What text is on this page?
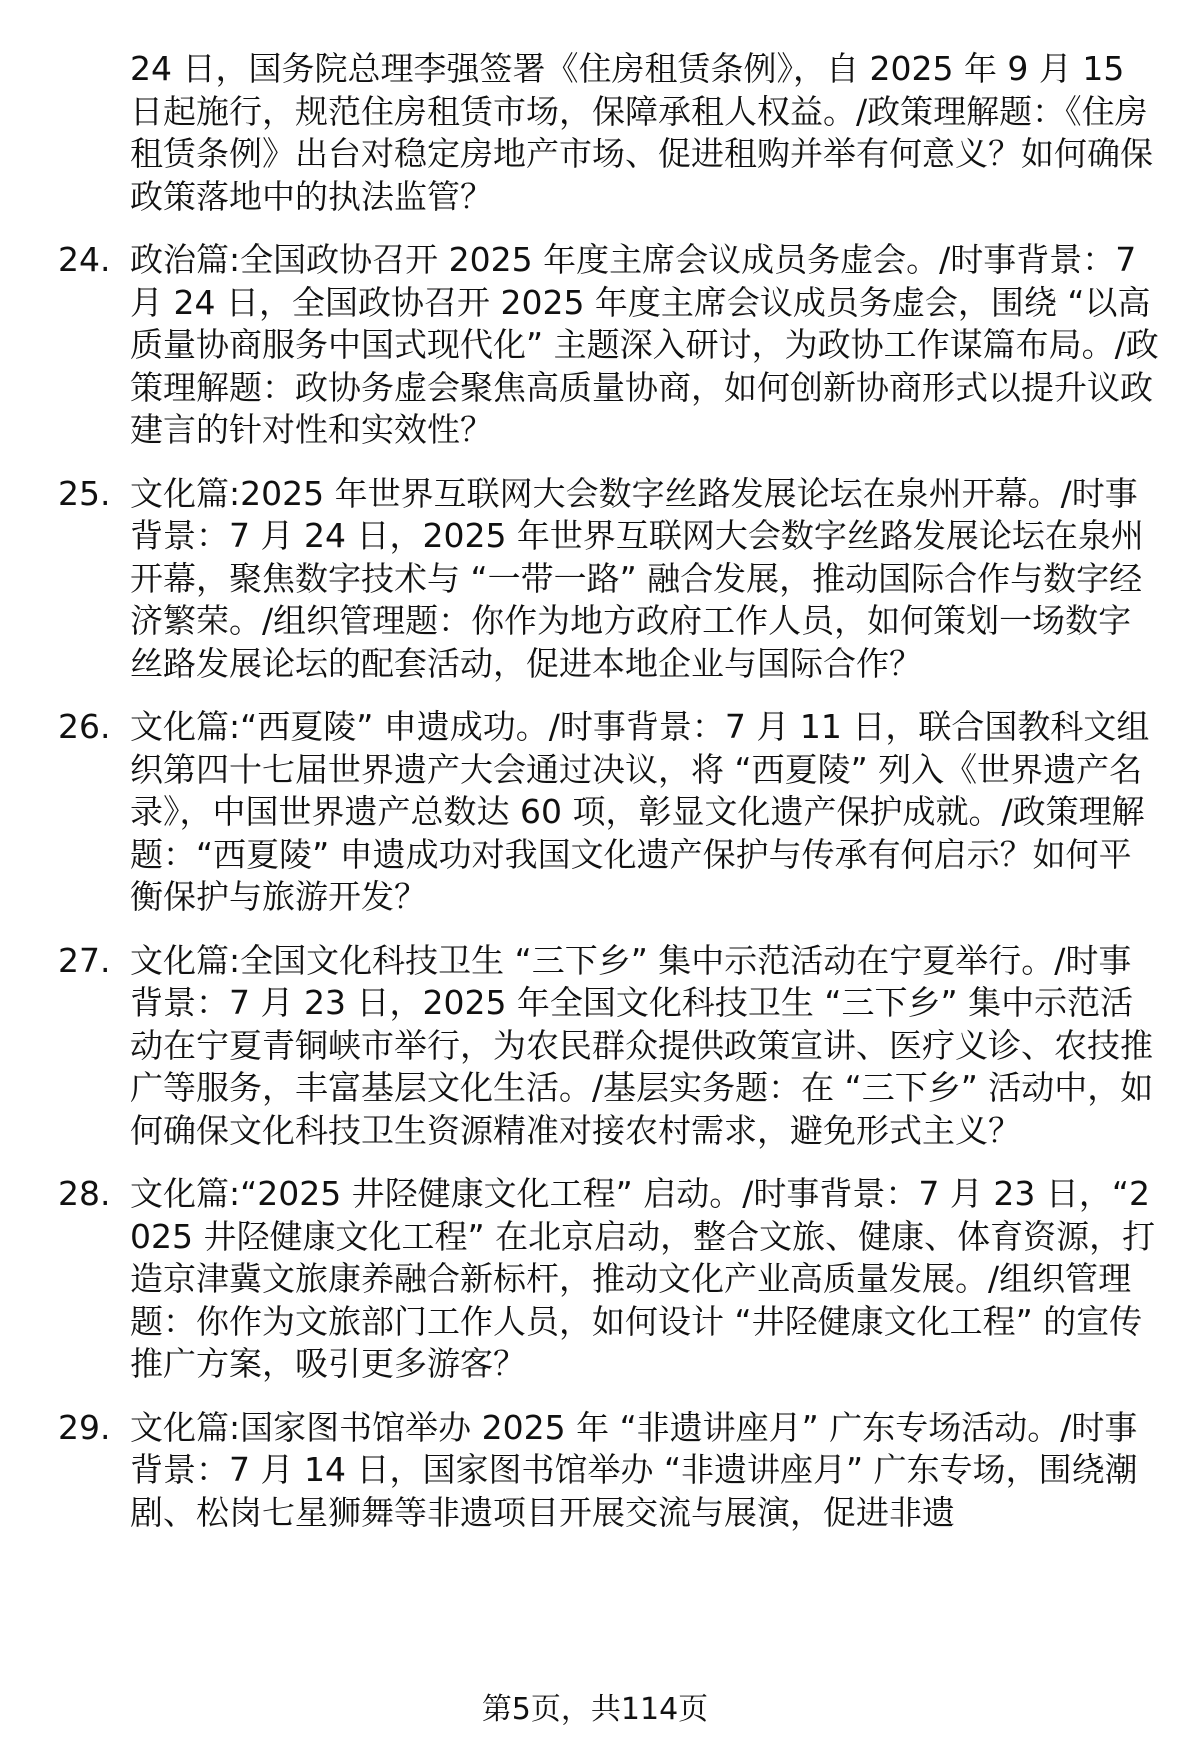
24 日，国务院总理李强签署《住房租赁条例》，自 2025 年 9 月 15 日起施行，规范住房租赁市场，保障承租人权益。/政策理解题：《住房租赁条例》出台对稳定房地产市场、促进租购并举有何意义？如何确保政策落地中的执法监管？

24. 政治篇:全国政协召开 2025 年度主席会议成员务虚会。/时事背景：7 月 24 日，全国政协召开 2025 年度主席会议成员务虚会，围绕 “以高质量协商服务中国式现代化” 主题深入研讨，为政协工作谋篇布局。/政策理解题：政协务虚会聚焦高质量协商，如何创新协商形式以提升议政建言的针对性和实效性？
25. 文化篇:2025 年世界互联网大会数字丝路发展论坛在泉州开幕。/时事背景：7 月 24 日，2025 年世界互联网大会数字丝路发展论坛在泉州开幕，聚焦数字技术与 “一带一路” 融合发展，推动国际合作与数字经济繁荣。/组织管理题：你作为地方政府工作人员，如何策划一场数字丝路发展论坛的配套活动，促进本地企业与国际合作？
26. 文化篇:“西夏陵” 申遗成功。/时事背景：7 月 11 日，联合国教科文组织第四十七届世界遗产大会通过决议，将 “西夏陵” 列入《世界遗产名录》，中国世界遗产总数达 60 项，彰显文化遗产保护成就。/政策理解题：“西夏陵” 申遗成功对我国文化遗产保护与传承有何启示？如何平衡保护与旅游开发？
27. 文化篇:全国文化科技卫生 “三下乡” 集中示范活动在宁夏举行。/时事背景：7 月 23 日，2025 年全国文化科技卫生 “三下乡” 集中示范活动在宁夏青铜峡市举行，为农民群众提供政策宣讲、医疗义诊、农技推广等服务，丰富基层文化生活。/基层实务题：在 “三下乡” 活动中，如何确保文化科技卫生资源精准对接农村需求，避免形式主义？
28. 文化篇:“2025 井陉健康文化工程” 启动。/时事背景：7 月 23 日，“2025 井陉健康文化工程” 在北京启动，整合文旅、健康、体育资源，打造京津冀文旅康养融合新标杆，推动文化产业高质量发展。/组织管理题：你作为文旅部门工作人员，如何设计 “井陉健康文化工程” 的宣传推广方案，吸引更多游客？
29. 文化篇:国家图书馆举办 2025 年 “非遗讲座月” 广东专场活动。/时事背景：7 月 14 日，国家图书馆举办 “非遗讲座月” 广东专场，围绕潮剧、松岗七星狮舞等非遗项目开展交流与展演，促进非遗
第5页，共114页
